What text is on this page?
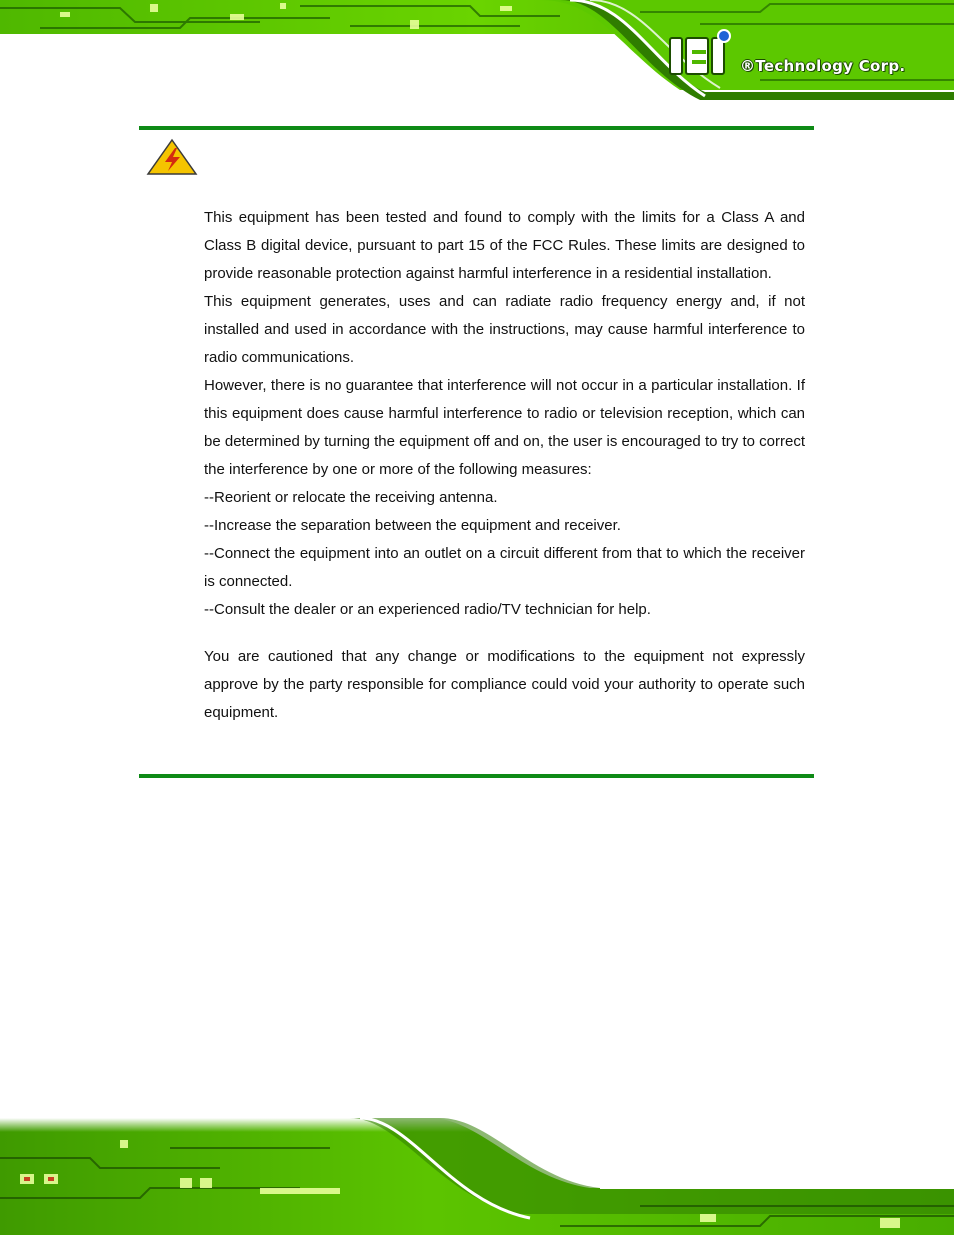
®Technology Corp.

This equipment has been tested and found to comply with the limits for a Class A and Class B digital device, pursuant to part 15 of the FCC Rules. These limits are designed to provide reasonable protection against harmful interference in a residential installation.

This equipment generates, uses and can radiate radio frequency energy and, if not installed and used in accordance with the instructions, may cause harmful interference to radio communications.

However, there is no guarantee that interference will not occur in a particular installation. If this equipment does cause harmful interference to radio or television reception, which can be determined by turning the equipment off and on, the user is encouraged to try to correct the interference by one or more of the following measures:

--Reorient or relocate the receiving antenna.

--Increase the separation between the equipment and receiver.

--Connect the equipment into an outlet on a circuit different from that to which the receiver is connected.

--Consult the dealer or an experienced radio/TV technician for help.

You are cautioned that any change or modifications to the equipment not expressly approve by the party responsible for compliance could void your authority to operate such equipment.
